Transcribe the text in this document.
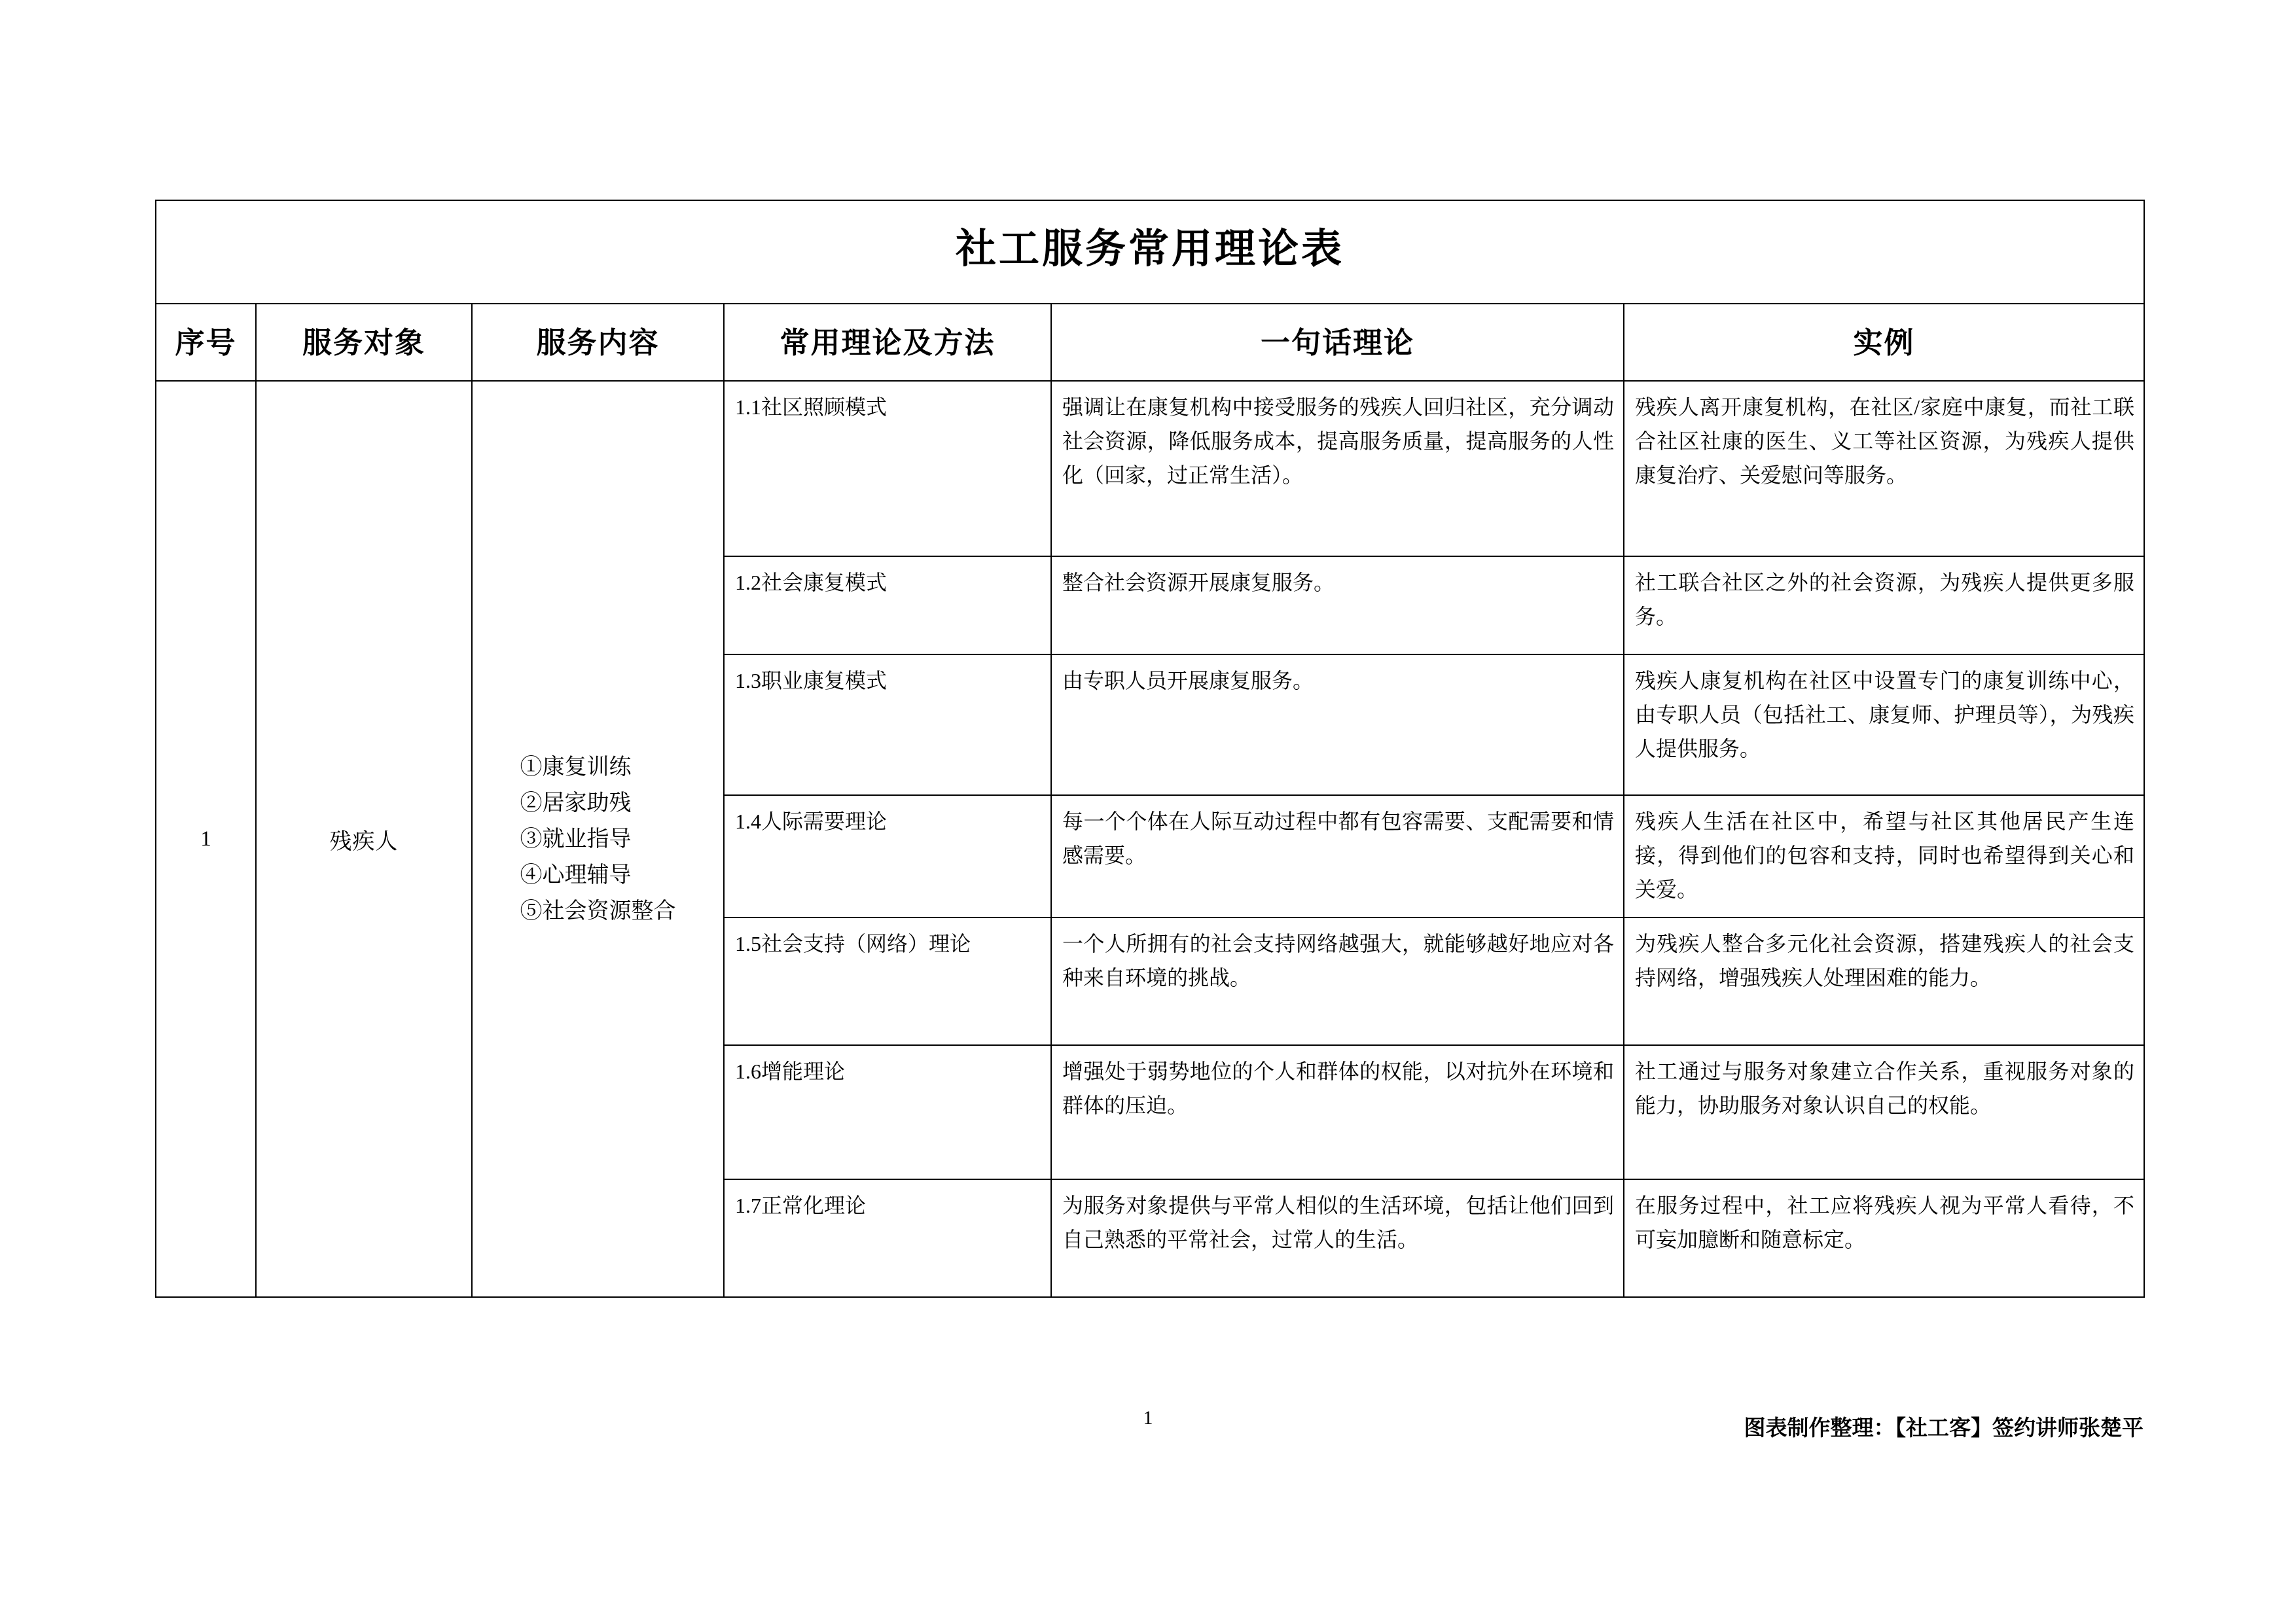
社工服务常用理论表					

序号	服务对象	服务内容	常用理论及方法	一句话理论	实例
1	残疾人	①康复训练
②居家助残
③就业指导
④心理辅导
⑤社会资源整合	1.1社区照顾模式	强调让在康复机构中接受服务的残疾人回归社区，充分调动社会资源，降低服务成本，提高服务质量，提高服务的人性化（回家，过正常生活）。	残疾人离开康复机构，在社区/家庭中康复，而社工联合社区社康的医生、义工等社区资源，为残疾人提供康复治疗、关爱慰问等服务。
			1.2社会康复模式	整合社会资源开展康复服务。	社工联合社区之外的社会资源，为残疾人提供更多服务。
			1.3职业康复模式	由专职人员开展康复服务。	残疾人康复机构在社区中设置专门的康复训练中心，由专职人员（包括社工、康复师、护理员等），为残疾人提供服务。
			1.4人际需要理论	每一个个体在人际互动过程中都有包容需要、支配需要和情感需要。	残疾人生活在社区中，希望与社区其他居民产生连接，得到他们的包容和支持，同时也希望得到关心和关爱。
			1.5社会支持（网络）理论	一个人所拥有的社会支持网络越强大，就能够越好地应对各种来自环境的挑战。	为残疾人整合多元化社会资源，搭建残疾人的社会支持网络，增强残疾人处理困难的能力。
			1.6增能理论	增强处于弱势地位的个人和群体的权能，以对抗外在环境和群体的压迫。	社工通过与服务对象建立合作关系，重视服务对象的能力，协助服务对象认识自己的权能。
			1.7正常化理论	为服务对象提供与平常人相似的生活环境，包括让他们回到自己熟悉的平常社会，过常人的生活。	在服务过程中，社工应将残疾人视为平常人看待，不可妄加臆断和随意标定。
1	图表制作整理：【社工客】签约讲师张楚平
